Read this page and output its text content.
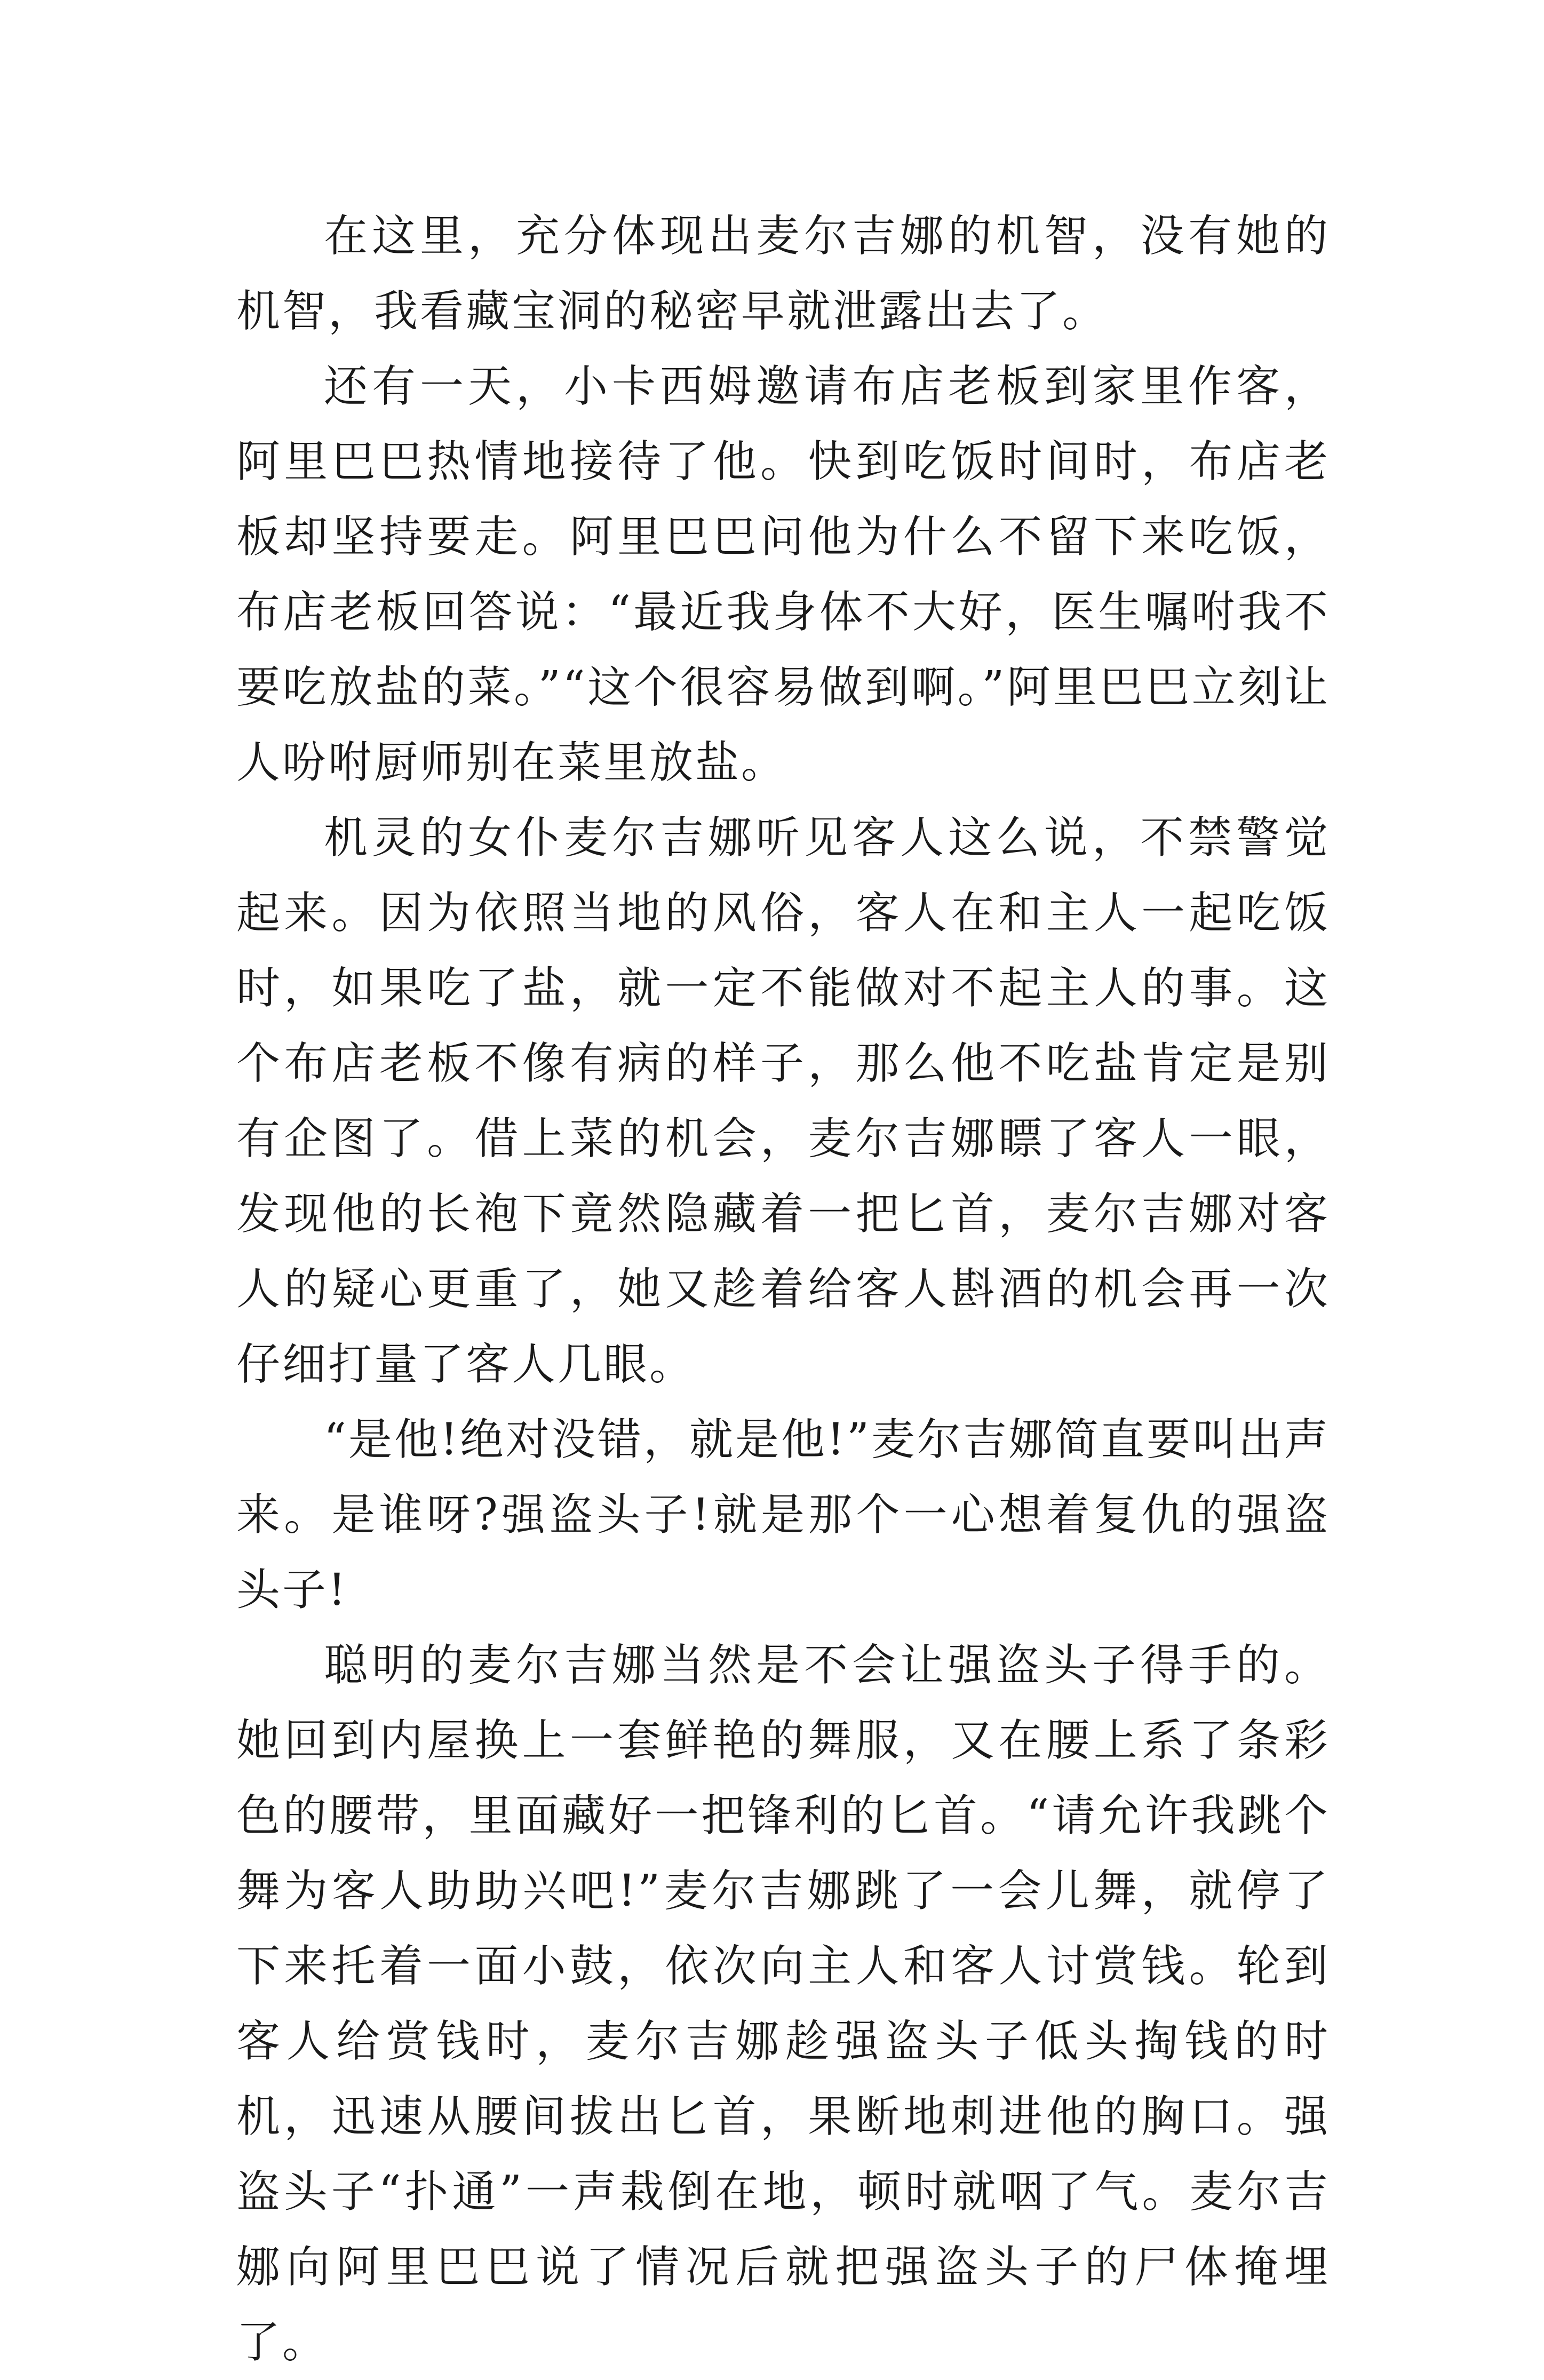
在这里，充分体现出麦尔吉娜的机智，没有她的机智，我看藏宝洞的秘密早就泄露出去了。

还有一天，小卡西姆邀请布店老板到家里作客，阿里巴巴热情地接待了他。快到吃饭时间时，布店老板却坚持要走。阿里巴巴问他为什么不留下来吃饭，布店老板回答说：“最近我身体不大好，医生嘱咐我不要吃放盐的菜。”“这个很容易做到啊。”阿里巴巴立刻让人吩咐厨师别在菜里放盐。

机灵的女仆麦尔吉娜听见客人这么说，不禁警觉起来。因为依照当地的风俗，客人在和主人一起吃饭时，如果吃了盐，就一定不能做对不起主人的事。这个布店老板不像有病的样子，那么他不吃盐肯定是别有企图了。借上菜的机会，麦尔吉娜瞟了客人一眼，发现他的长袍下竟然隐藏着一把匕首，麦尔吉娜对客人的疑心更重了，她又趁着给客人斟酒的机会再一次仔细打量了客人几眼。

“是他!绝对没错，就是他!”麦尔吉娜简直要叫出声来。是谁呀?强盗头子!就是那个一心想着复仇的强盗头子!

聪明的麦尔吉娜当然是不会让强盗头子得手的。她回到内屋换上一套鲜艳的舞服，又在腰上系了条彩色的腰带，里面藏好一把锋利的匕首。“请允许我跳个舞为客人助助兴吧!”麦尔吉娜跳了一会儿舞，就停了下来托着一面小鼓，依次向主人和客人讨赏钱。轮到客人给赏钱时，麦尔吉娜趁强盗头子低头掏钱的时机，迅速从腰间拔出匕首，果断地刺进他的胸口。强盗头子“扑通”一声栽倒在地，顿时就咽了气。麦尔吉娜向阿里巴巴说了情况后就把强盗头子的尸体掩埋了。
